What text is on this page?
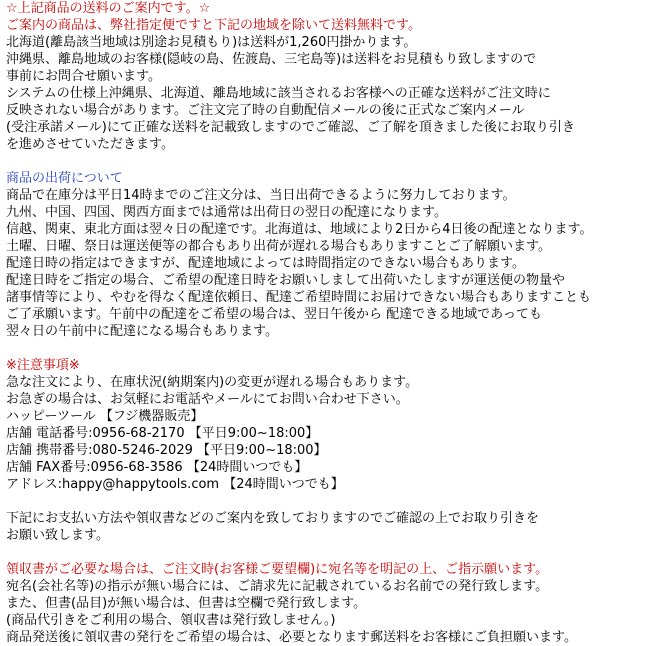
☆上記商品の送料のご案内です。☆
ご案内の商品は、弊社指定便ですと下記の地域を除いて送料無料です。
北海道(離島該当地域は別途お見積もり)は送料が1,260円掛かります。
沖縄県、離島地域のお客様(隠岐の島、佐渡島、三宅島等)は送料をお見積もり致しますので
事前にお問合せ願います。
システムの仕様上沖縄県、北海道、離島地域に該当されるお客様への正確な送料がご注文時に
反映されない場合があります。ご注文完了時の自動配信メールの後に正式なご案内メール
(受注承諾メール)にて正確な送料を記載致しますのでご確認、ご了解を頂きました後にお取り引き
を進めさせていただきます。
商品の出荷について
商品で在庫分は平日14時までのご注文分は、当日出荷できるように努力しております。
九州、中国、四国、関西方面までは通常は出荷日の翌日の配達になります。
信越、関東、東北方面は翌々日の配達です。北海道は、地域により2日から4日後の配達となります。
土曜、日曜、祭日は運送便等の都合もあり出荷が遅れる場合もありますことご了解願います。
配達日時の指定はできますが、配達地域によっては時間指定のできない場合もあります。
配達日時をご指定の場合、ご希望の配達日時をお願いしまして出荷いたしますが運送便の物量や
諸事情等により、やむを得なく配達依頼日、配達ご希望時間にお届けできない場合もありますことも
ご了承願います。午前中の配達をご希望の場合は、翌日午後から 配達できる地域であっても
翌々日の午前中に配達になる場合もあります。
※注意事項※
急な注文により、在庫状況(納期案内)の変更が遅れる場合もあります。
お急ぎの場合は、お気軽にお電話やメールにてお問い合わせ下さい。
ハッピーツール 【フジ機器販売】
店舗 電話番号:0956-68-2170 【平日9:00~18:00】
店舗 携帯番号:080-5246-2029 【平日9:00~18:00】
店舗 FAX番号:0956-68-3586 【24時間いつでも】
アドレス:happy@happytools.com 【24時間いつでも】
下記にお支払い方法や領収書などのご案内を致しておりますのでご確認の上でお取り引きを
お願い致します。
領収書がご必要な場合は、ご注文時(お客様ご要望欄)に宛名等を明記の上、ご指示願います。
宛名(会社名等)の指示が無い場合には、ご請求先に記載されているお名前での発行致します。
また、但書(品目)が無い場合は、但書は空欄で発行致します。
(商品代引きをご利用の場合、領収書は発行致しません。)
商品発送後に領収書の発行をご希望の場合は、必要となります郵送料をお客様にご負担願います。
